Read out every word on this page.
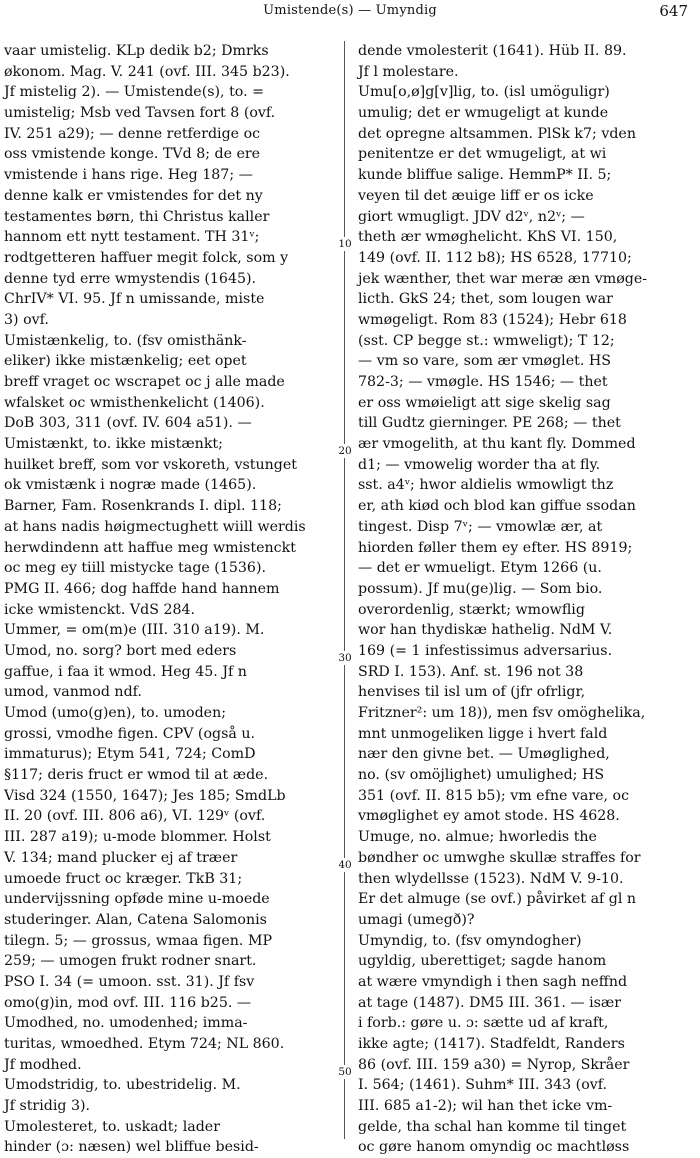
Umistende(s) — Umyndig	647
vaar umistelig. KLp dedik b2; Dmrks
økonom. Mag. V. 241 (ovf. III. 345 b23).
Jf mistelig 2). — Umistende(s), to. =
umistelig; Msb ved Tavsen fort 8 (ovf.
IV. 251 a29); — denne retferdige oc
oss vmistende konge. TVd 8; de ere
vmistende i hans rige. Heg 187; —
denne kalk er vmistendes for det ny
testamentes børn, thi Christus kaller
hannom ett nytt testament. TH 31ᵛ;
rodtgetteren haffuer megit folck, som y
denne tyd erre wmystendis (1645).
ChrIV* VI. 95. Jf n umissande, miste
3) ovf.
Umistænkelig, to. (fsv omisthänk-
eliker) ikke mistænkelig; eet opet
breff vraget oc wscrapet oc j alle made
wfalsket oc wmisthenkelicht (1406).
DoB 303, 311 (ovf. IV. 604 a51). —
Umistænkt, to. ikke mistænkt;
huilket breff, som vor vskoreth, vstunget
ok vmistænk i nogræ made (1465).
Barner, Fam. Rosenkrands I. dipl. 118;
at hans nadis høigmectughett wiill werdis
herwdindenn att haffue meg wmistenckt
oc meg ey tiill mistycke tage (1536).
PMG II. 466; dog haffde hand hannem
icke wmistenckt. VdS 284.
Ummer, = om(m)e (III. 310 a19). M.
Umod, no. sorg? bort med eders
gaffue, i faa it wmod. Heg 45. Jf n
umod, vanmod ndf.
Umod (umo(g)en), to. umoden;
grossi, vmodhe figen. CPV (også u.
immaturus); Etym 541, 724; ComD
§117; deris fruct er wmod til at æde.
Visd 324 (1550, 1647); Jes 185; SmdLb
II. 20 (ovf. III. 806 a6), VI. 129ᵛ (ovf.
III. 287 a19); u-mode blommer. Holst
V. 134; mand plucker ej af træer
umoede fruct oc kræger. TkB 31;
undervijssning opføde mine u-moede
studeringer. Alan, Catena Salomonis
tilegn. 5; — grossus, wmaa figen. MP
259; — umogen frukt rodner snart.
PSO I. 34 (= umoon. sst. 31). Jf fsv
omo(g)in, mod ovf. III. 116 b25. —
Umodhed, no. umodenhed; imma-
turitas, wmoedhed. Etym 724; NL 860.
Jf modhed.
Umodstridig, to. ubestridelig. M.
Jf stridig 3).
Umolesteret, to. uskadt; lader
hinder (ɔ: næsen) wel bliffue besid-
dende vmolesterit (1641). Hüb II. 89.
Jf l molestare.
Umu[o,ø]g[v]lig, to. (isl umöguligr)
umulig; det er wmugeligt at kunde
det opregne altsammen. PlSk k7; vden
penitentze er det wmugeligt, at wi
kunde bliffue salige. HemmP* II. 5;
veyen til det æuige liff er os icke
giort wmugligt. JDV d2ᵛ, n2ᵛ; —
theth ær wmøghelicht. KhS VI. 150,
149 (ovf. II. 112 b8); HS 6528, 17710;
jek wænther, thet war meræ æn vmøge-
licth. GkS 24; thet, som lougen war
wmøgeligt. Rom 83 (1524); Hebr 618
(sst. CP begge st.: wmweligt); T 12;
— vm so vare, som ær vmøglet. HS
782-3; — vmøgle. HS 1546; — thet
er oss wmøieligt att sige skelig sag
till Gudtz gierninger. PE 268; — thet
ær vmogelith, at thu kant fly. Dommed
d1; — vmowelig worder tha at fly.
sst. a4ᵛ; hwor aldielis wmowligt thz
er, ath kiød och blod kan giffue ssodan
tingest. Disp 7ᵛ; — vmowlæ ær, at
hiorden føller them ey efter. HS 8919;
— det er wmueligt. Etym 1266 (u.
possum). Jf mu(ge)lig. — Som bio.
overordenlig, stærkt; wmowflig
wor han thydiskæ hathelig. NdM V.
169 (= 1 infestissimus adversarius.
SRD I. 153). Anf. st. 196 not 38
henvises til isl um of (jfr ofrligr,
Fritzner²: um 18)), men fsv omöghelika,
mnt unmogeliken ligge i hvert fald
nær den givne bet. — Umøglighed,
no. (sv omöjlighet) umulighed; HS
351 (ovf. II. 815 b5); vm efne vare, oc
vmøglighet ey amot stode. HS 4628.
Umuge, no. almue; hworledis the
bøndher oc umwghe skullæ straffes for
then wlydellsse (1523). NdM V. 9-10.
Er det almuge (se ovf.) påvirket af gl n
umagi (umegð)?
Umyndig, to. (fsv omyndogher)
ugyldig, uberettiget; sagde hanom
at wære vmyndigh i then sagh neffnd
at tage (1487). DM5 III. 361. — især
i forb.: gøre u. ɔ: sætte ud af kraft,
ikke agte; (1417). Stadfeldt, Randers
86 (ovf. III. 159 a30) = Nyrop, Skråer
I. 564; (1461). Suhm* III. 343 (ovf.
III. 685 a1-2); wil han thet icke vm-
gelde, tha schal han komme til tinget
oc gøre hanom omyndig oc machtløss
10
20
30
40
50
